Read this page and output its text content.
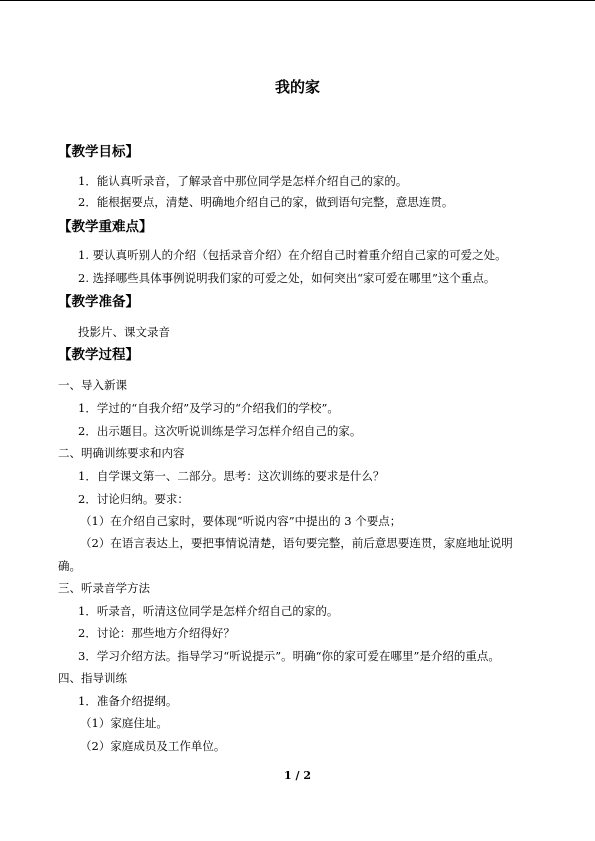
我的家
【教学目标】
1．能认真听录音，了解录音中那位同学是怎样介绍自己的家的。
2．能根据要点，清楚、明确地介绍自己的家，做到语句完整，意思连贯。
【教学重难点】
1. 要认真听别人的介绍（包括录音介绍）在介绍自己时着重介绍自己家的可爱之处。
2. 选择哪些具体事例说明我们家的可爱之处，如何突出“家可爱在哪里”这个重点。
【教学准备】
投影片、课文录音
【教学过程】
一、导入新课
1．学过的“自我介绍”及学习的“介绍我们的学校”。
2．出示题目。这次听说训练是学习怎样介绍自己的家。
二、明确训练要求和内容
1．自学课文第一、二部分。思考：这次训练的要求是什么？
2．讨论归纳。要求：
（1）在介绍自己家时，要体现“听说内容”中提出的 3 个要点；
（2）在语言表达上，要把事情说清楚，语句要完整，前后意思要连贯，家庭地址说明
确。
三、听录音学方法
1．听录音，听清这位同学是怎样介绍自己的家的。
2．讨论：那些地方介绍得好？
3．学习介绍方法。指导学习“听说提示”。明确“你的家可爱在哪里”是介绍的重点。
四、指导训练
1．准备介绍提纲。
（1）家庭住址。
（2）家庭成员及工作单位。
1 / 2
